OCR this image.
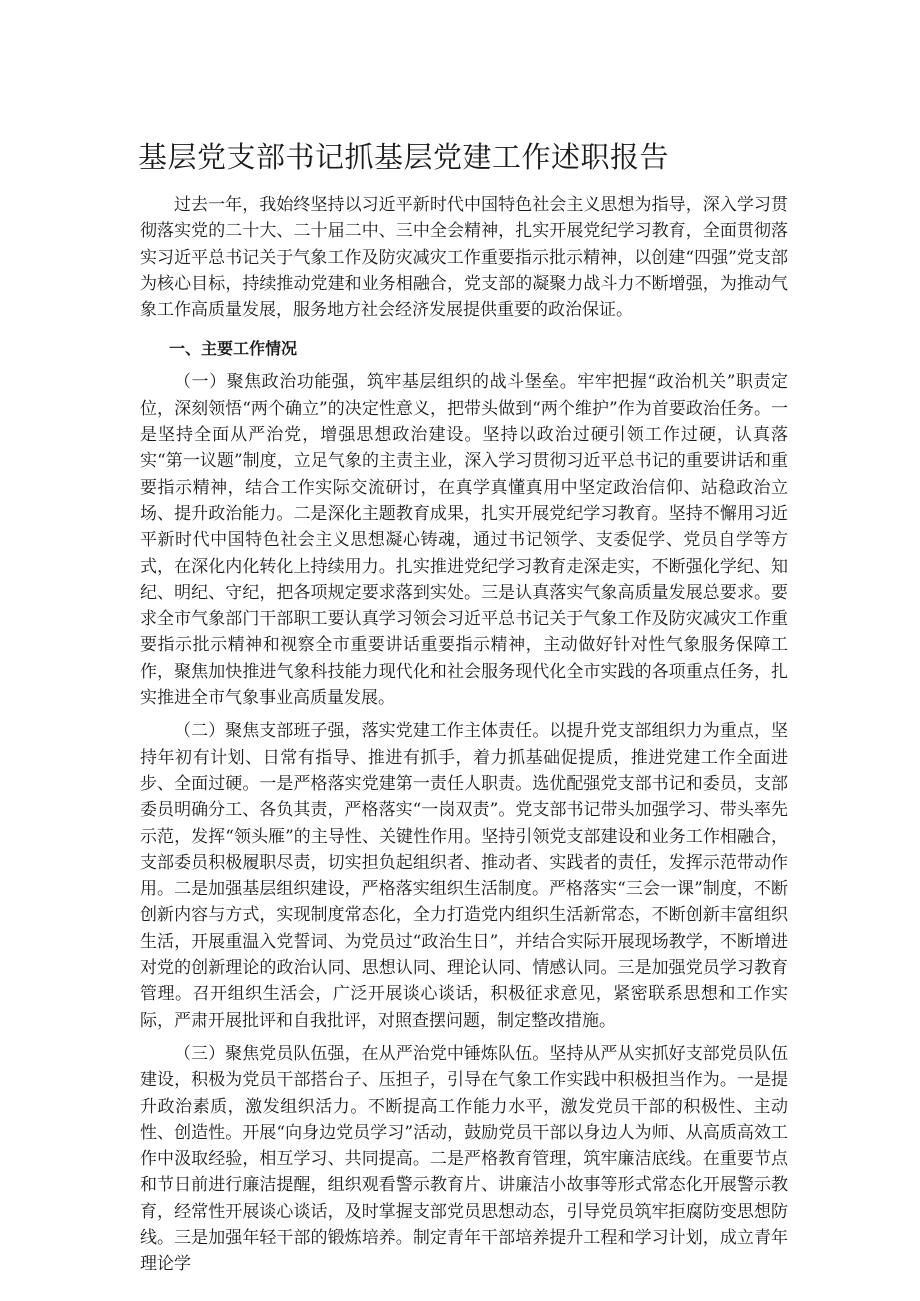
基层党支部书记抓基层党建工作述职报告

过去一年，我始终坚持以习近平新时代中国特色社会主义思想为指导，深入学习贯彻落实党的二十大、二十届二中、三中全会精神，扎实开展党纪学习教育，全面贯彻落实习近平总书记关于气象工作及防灾减灾工作重要指示批示精神，以创建“四强”党支部为核心目标，持续推动党建和业务相融合，党支部的凝聚力战斗力不断增强，为推动气象工作高质量发展，服务地方社会经济发展提供重要的政治保证。

一、主要工作情况

（一）聚焦政治功能强，筑牢基层组织的战斗堡垒。牢牢把握“政治机关”职责定位，深刻领悟“两个确立”的决定性意义，把带头做到“两个维护”作为首要政治任务。一是坚持全面从严治党，增强思想政治建设。坚持以政治过硬引领工作过硬，认真落实“第一议题”制度，立足气象的主责主业，深入学习贯彻习近平总书记的重要讲话和重要指示精神，结合工作实际交流研讨，在真学真懂真用中坚定政治信仰、站稳政治立场、提升政治能力。二是深化主题教育成果，扎实开展党纪学习教育。坚持不懈用习近平新时代中国特色社会主义思想凝心铸魂，通过书记领学、支委促学、党员自学等方式，在深化内化转化上持续用力。扎实推进党纪学习教育走深走实，不断强化学纪、知纪、明纪、守纪，把各项规定要求落到实处。三是认真落实气象高质量发展总要求。要求全市气象部门干部职工要认真学习领会习近平总书记关于气象工作及防灾减灾工作重要指示批示精神和视察全市重要讲话重要指示精神，主动做好针对性气象服务保障工作，聚焦加快推进气象科技能力现代化和社会服务现代化全市实践的各项重点任务，扎实推进全市气象事业高质量发展。

（二）聚焦支部班子强，落实党建工作主体责任。以提升党支部组织力为重点，坚持年初有计划、日常有指导、推进有抓手，着力抓基础促提质，推进党建工作全面进步、全面过硬。一是严格落实党建第一责任人职责。选优配强党支部书记和委员，支部委员明确分工、各负其责，严格落实“一岗双责”。党支部书记带头加强学习、带头率先示范，发挥“领头雁”的主导性、关键性作用。坚持引领党支部建设和业务工作相融合，支部委员积极履职尽责，切实担负起组织者、推动者、实践者的责任，发挥示范带动作用。二是加强基层组织建设，严格落实组织生活制度。严格落实“三会一课”制度，不断创新内容与方式，实现制度常态化，全力打造党内组织生活新常态，不断创新丰富组织生活，开展重温入党誓词、为党员过“政治生日”，并结合实际开展现场教学，不断增进对党的创新理论的政治认同、思想认同、理论认同、情感认同。三是加强党员学习教育管理。召开组织生活会，广泛开展谈心谈话，积极征求意见，紧密联系思想和工作实际，严肃开展批评和自我批评，对照查摆问题，制定整改措施。

（三）聚焦党员队伍强，在从严治党中锤炼队伍。坚持从严从实抓好支部党员队伍建设，积极为党员干部搭台子、压担子，引导在气象工作实践中积极担当作为。一是提升政治素质，激发组织活力。不断提高工作能力水平，激发党员干部的积极性、主动性、创造性。开展“向身边党员学习”活动，鼓励党员干部以身边人为师、从高质高效工作中汲取经验，相互学习、共同提高。二是严格教育管理，筑牢廉洁底线。在重要节点和节日前进行廉洁提醒，组织观看警示教育片、讲廉洁小故事等形式常态化开展警示教育，经常性开展谈心谈话，及时掌握支部党员思想动态，引导党员筑牢拒腐防变思想防线。三是加强年轻干部的锻炼培养。制定青年干部培养提升工程和学习计划，成立青年理论学
